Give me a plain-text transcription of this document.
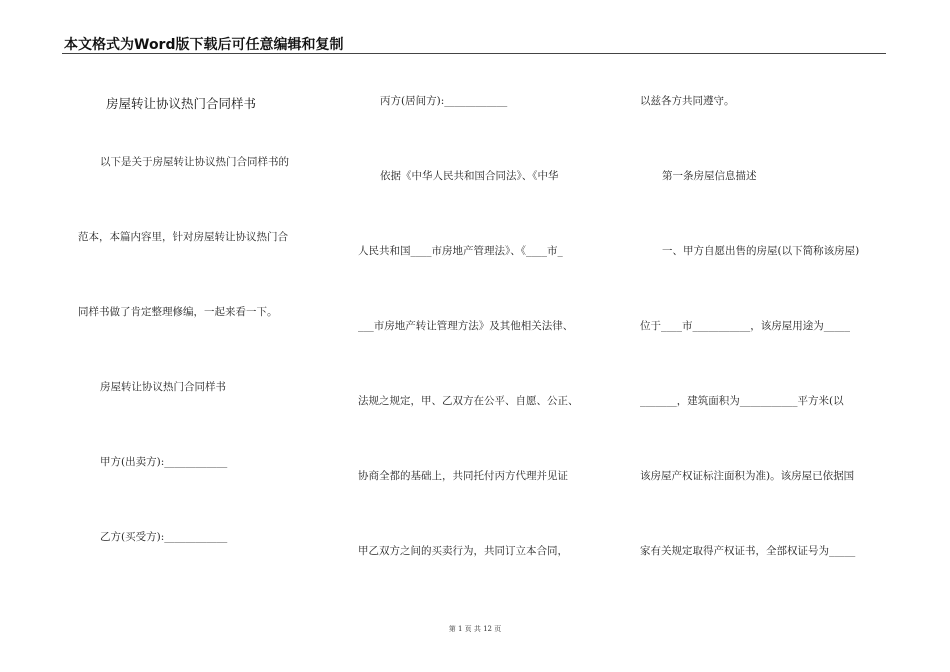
本文格式为Word版下载后可任意编辑和复制
房屋转让协议热门合同样书
以下是关于房屋转让协议热门合同样书的
范本，本篇内容里，针对房屋转让协议热门合
同样书做了肯定整理修编，一起来看一下。
房屋转让协议热门合同样书
甲方(出卖方):____________
乙方(买受方):____________
丙方(居间方):____________
依据《中华人民共和国合同法》、《中华
人民共和国____市房地产管理法》、《____市_
___市房地产转让管理方法》及其他相关法律、
法规之规定，甲、乙双方在公平、自愿、公正、
协商全都的基础上，共同托付丙方代理并见证
甲乙双方之间的买卖行为，共同订立本合同，
以兹各方共同遵守。
第一条房屋信息描述
一、甲方自愿出售的房屋(以下简称该房屋)
位于____市___________，该房屋用途为_____
_______，建筑面积为___________平方米(以
该房屋产权证标注面积为准)。该房屋已依据国
家有关规定取得产权证书，全部权证号为_____
第 1 页 共 12 页
